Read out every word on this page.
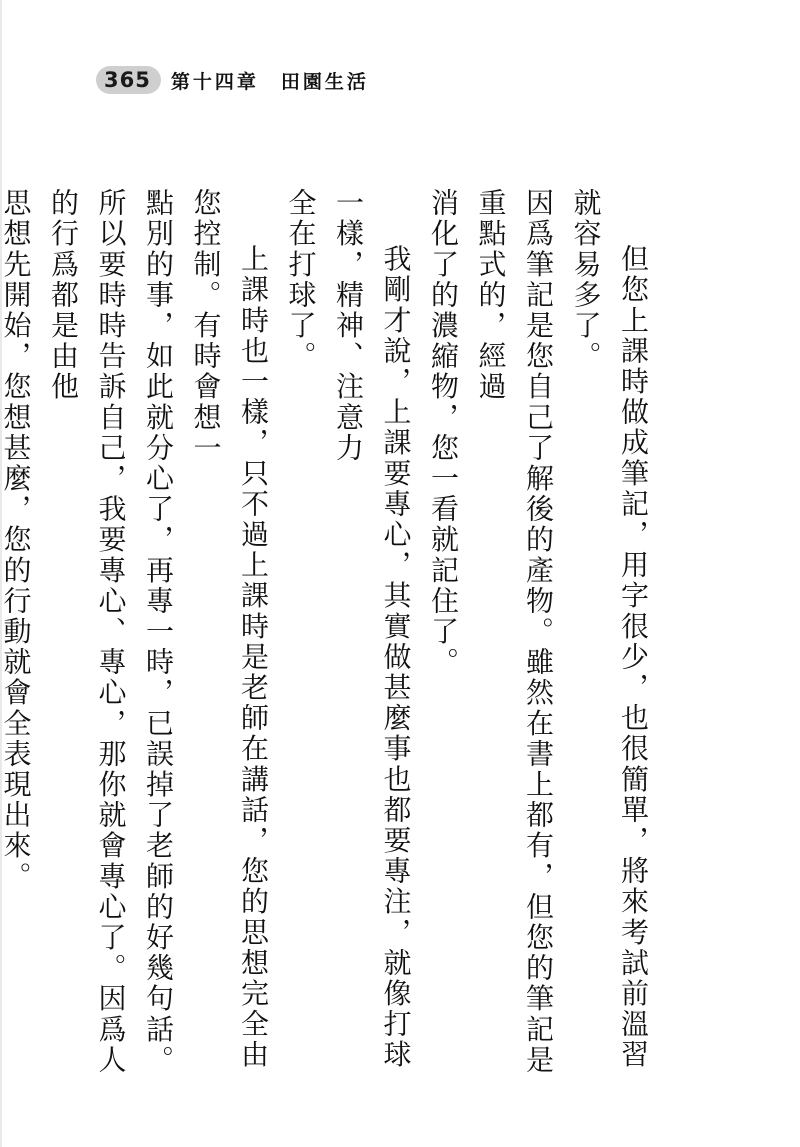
365	第十四章　田園生活

但您上課時做成筆記，用字很少，也很簡單，將來考試前溫習就容易多了。

因爲筆記是您自己了解後的產物。雖然在書上都有，但您的筆記是重點式的，經過

消化了的濃縮物，您一看就記住了。

我剛才說，上課要專心，其實做甚麼事也都要專注，就像打球一樣，精神、注意力

全在打球了。

上課時也一樣，只不過上課時是老師在講話，您的思想完全由您控制。有時會想一

點別的事，如此就分心了，再專一時，已誤掉了老師的好幾句話。

所以要時時告訴自己，我要專心、專心，那你就會專心了。因爲人的行爲都是由他

思想先開始，您想甚麼，您的行動就會全表現出來。
